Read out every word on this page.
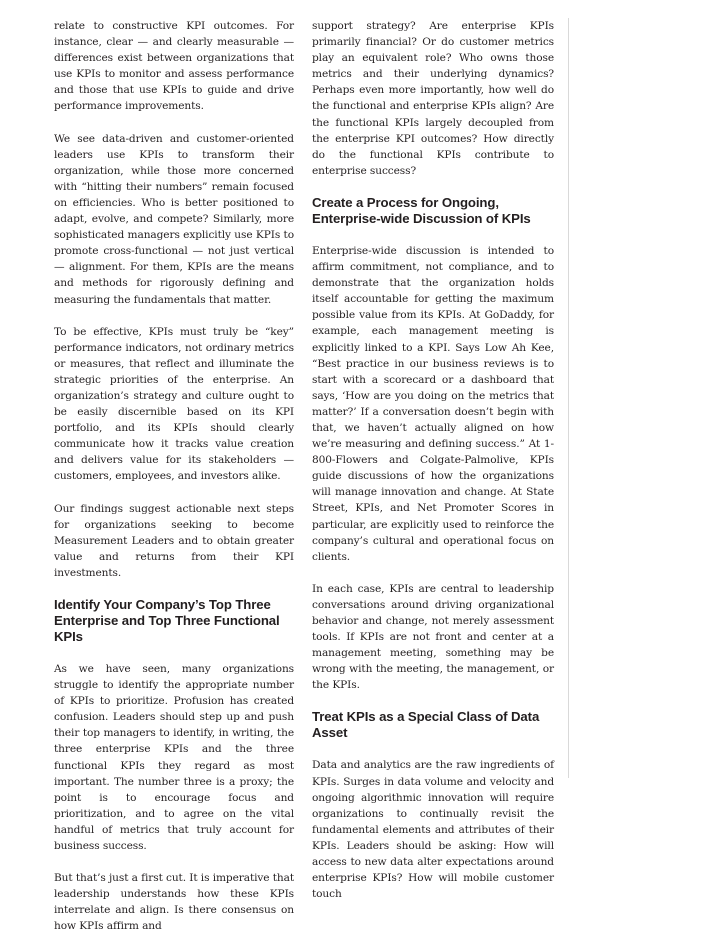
relate to constructive KPI outcomes. For instance, clear — and clearly measurable — differences exist between organizations that use KPIs to monitor and assess performance and those that use KPIs to guide and drive performance improvements.

We see data-driven and customer-oriented leaders use KPIs to transform their organization, while those more concerned with “hitting their numbers” remain focused on efficiencies. Who is better positioned to adapt, evolve, and compete? Similarly, more sophisticated managers explicitly use KPIs to promote cross-functional — not just vertical — alignment. For them, KPIs are the means and methods for rigorously defining and measuring the fundamentals that matter.

To be effective, KPIs must truly be “key” performance indicators, not ordinary metrics or measures, that reflect and illuminate the strategic priorities of the enterprise. An organization’s strategy and culture ought to be easily discernible based on its KPI portfolio, and its KPIs should clearly communicate how it tracks value creation and delivers value for its stakeholders — customers, employees, and investors alike.

Our findings suggest actionable next steps for organizations seeking to become Measurement Leaders and to obtain greater value and returns from their KPI investments.

Identify Your Company’s Top Three Enterprise and Top Three Functional KPIs

As we have seen, many organizations struggle to identify the appropriate number of KPIs to prioritize. Profusion has created confusion. Leaders should step up and push their top managers to identify, in writing, the three enterprise KPIs and the three functional KPIs they regard as most important. The number three is a proxy; the point is to encourage focus and prioritization, and to agree on the vital handful of metrics that truly account for business success.

But that’s just a first cut. It is imperative that leadership understands how these KPIs interrelate and align. Is there consensus on how KPIs affirm and

support strategy? Are enterprise KPIs primarily financial? Or do customer metrics play an equivalent role? Who owns those metrics and their underlying dynamics? Perhaps even more importantly, how well do the functional and enterprise KPIs align? Are the functional KPIs largely decoupled from the enterprise KPI outcomes? How directly do the functional KPIs contribute to enterprise success?

Create a Process for Ongoing, Enterprise-wide Discussion of KPIs

Enterprise-wide discussion is intended to affirm commitment, not compliance, and to demonstrate that the organization holds itself accountable for getting the maximum possible value from its KPIs. At GoDaddy, for example, each management meeting is explicitly linked to a KPI. Says Low Ah Kee, “Best practice in our business reviews is to start with a scorecard or a dashboard that says, ‘How are you doing on the metrics that matter?’ If a conversation doesn’t begin with that, we haven’t actually aligned on how we’re measuring and defining success.” At 1-800-Flowers and Colgate-Palmolive, KPIs guide discussions of how the organizations will manage innovation and change. At State Street, KPIs, and Net Promoter Scores in particular, are explicitly used to reinforce the company’s cultural and operational focus on clients.

In each case, KPIs are central to leadership conversations around driving organizational behavior and change, not merely assessment tools. If KPIs are not front and center at a management meeting, something may be wrong with the meeting, the management, or the KPIs.

Treat KPIs as a Special Class of Data Asset

Data and analytics are the raw ingredients of KPIs. Surges in data volume and velocity and ongoing algorithmic innovation will require organizations to continually revisit the fundamental elements and attributes of their KPIs. Leaders should be asking: How will access to new data alter expectations around enterprise KPIs? How will mobile customer touch
